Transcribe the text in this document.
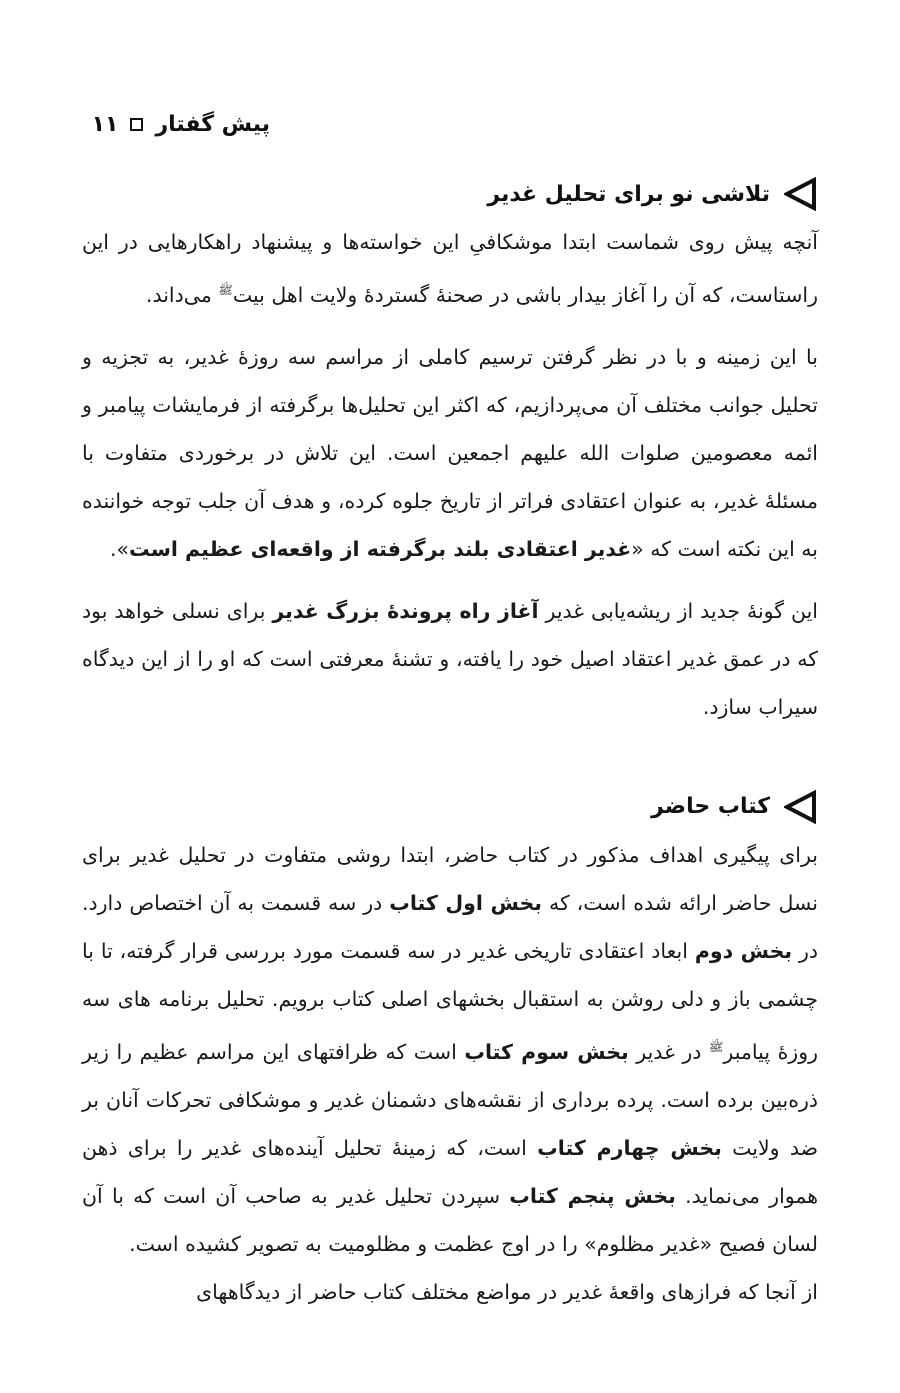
پیش گفتار
۱۱
تلاشی نو برای تحلیل غدیر

آنچه پیش روی شماست ابتدا موشکافیِ این خواسته‌ها و پیشنهاد راهکارهایی در این راستاست، که آن را آغاز بیدار باشی در صحنۀ گستردۀ ولایت اهل بیت$^ﷺ$ می‌داند.

با این زمینه و با در نظر گرفتن ترسیم کاملی از مراسم سه روزۀ غدیر، به تجزیه و تحلیل جوانب مختلف آن می‌پردازیم، که اکثر این تحلیل‌ها برگرفته از فرمایشات پیامبر و ائمه معصومین صلوات الله علیهم اجمعین است. این تلاش در برخوردی متفاوت با مسئلۀ غدیر، به عنوان اعتقادی فراتر از تاریخ جلوه کرده، و هدف آن جلب توجه خواننده به این نکته است که «غدیر اعتقادی بلند برگرفته از واقعه‌ای عظیم است».

این گونۀ جدید از ریشه‌یابی غدیر آغاز راه پروندۀ بزرگ غدیر برای نسلی خواهد بود که در عمق غدیر اعتقاد اصیل خود را یافته، و تشنۀ معرفتی است که او را از این دیدگاه سیراب سازد.

کتاب حاضر

برای پیگیری اهداف مذکور در کتاب حاضر، ابتدا روشی متفاوت در تحلیل غدیر برای نسل حاضر ارائه شده است، که بخش اول کتاب در سه قسمت به آن اختصاص دارد. در بخش دوم ابعاد اعتقادی تاریخی غدیر در سه قسمت مورد بررسی قرار گرفته، تا با چشمی باز و دلی روشن به استقبال بخشهای اصلی کتاب برویم. تحلیل برنامه های سه روزۀ پیامبر$^ﷺ$ در غدیر بخش سوم کتاب است که ظرافتهای این مراسم عظیم را زیر ذره‌بین برده است. پرده برداری از نقشه‌های دشمنان غدیر و موشکافی تحرکات آنان بر ضد ولایت بخش چهارم کتاب است، که زمینۀ تحلیل آینده‌های غدیر را برای ذهن هموار می‌نماید. بخش پنجم کتاب سپردن تحلیل غدیر به صاحب آن است که با آن لسان فصیح «غدیر مظلوم» را در اوج عظمت و مظلومیت به تصویر کشیده است.

از آنجا که فرازهای واقعۀ غدیر در مواضع مختلف کتاب حاضر از دیدگاههای
